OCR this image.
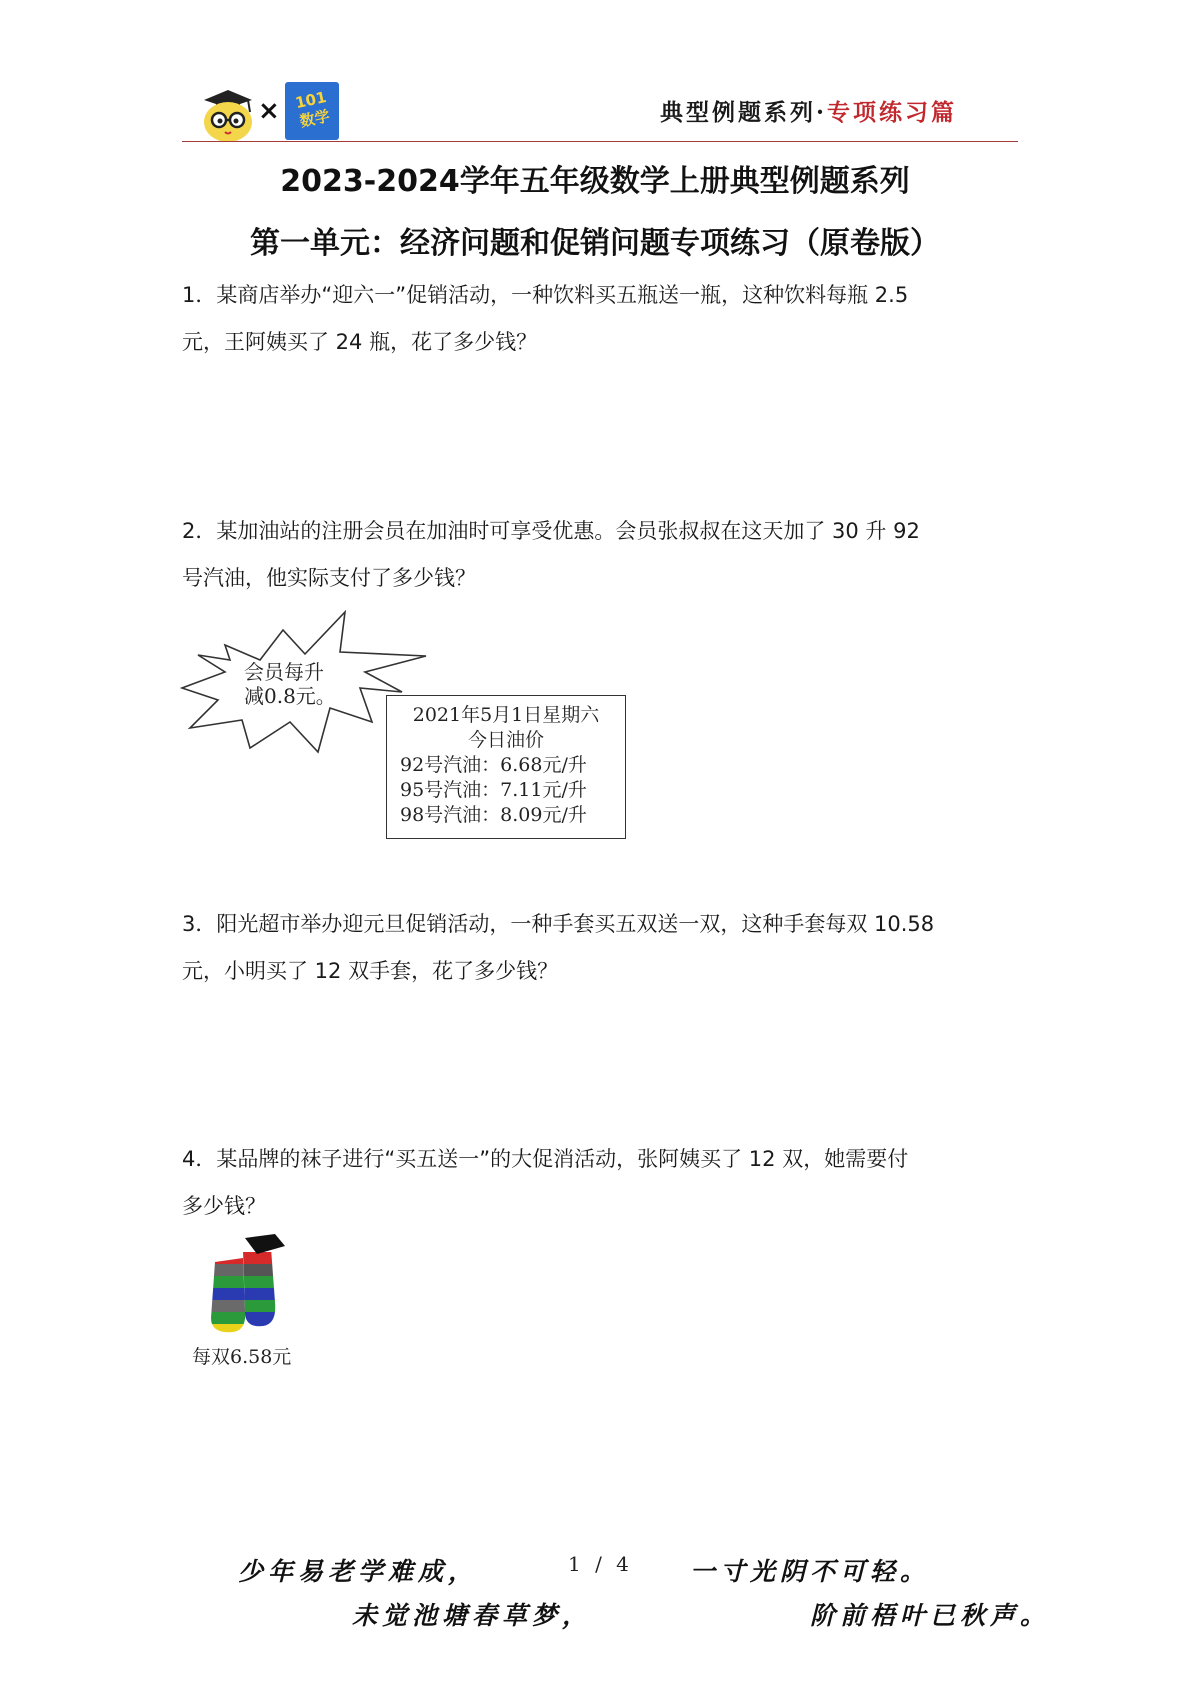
× 101
数学	典型例题系列·专项练习篇
2023-2024学年五年级数学上册典型例题系列
第一单元：经济问题和促销问题专项练习（原卷版）
1．某商店举办“迎六一”促销活动，一种饮料买五瓶送一瓶，这种饮料每瓶 2.5
元，王阿姨买了 24 瓶，花了多少钱？
2．某加油站的注册会员在加油时可享受优惠。会员张叔叔在这天加了 30 升 92
号汽油，他实际支付了多少钱？
会员每升
减0.8元。
2021年5月1日星期六
今日油价
92号汽油：6.68元/升
95号汽油：7.11元/升
98号汽油：8.09元/升
3．阳光超市举办迎元旦促销活动，一种手套买五双送一双，这种手套每双 10.58
元，小明买了 12 双手套，花了多少钱？
4．某品牌的袜子进行“买五送一”的大促消活动，张阿姨买了 12 双，她需要付
多少钱？
每双6.58元
少年易老学难成，	1 / 4 一寸光阴不可轻。
未觉池塘春草梦，	阶前梧叶已秋声。
